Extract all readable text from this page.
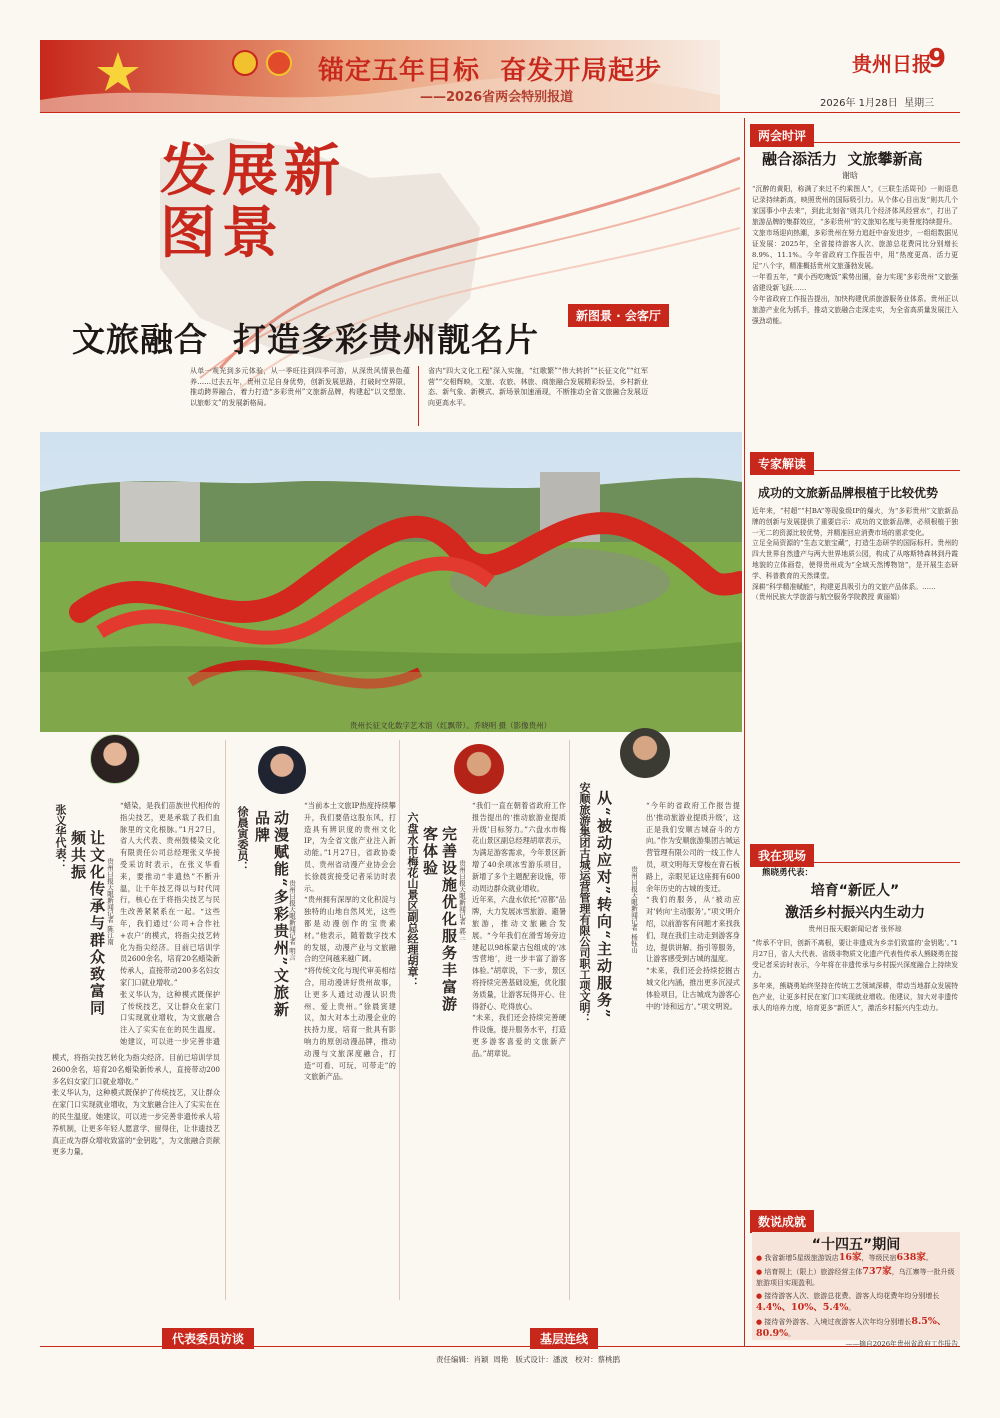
锚定五年目标  奋发开局起步
——2026省两会特别报道
贵州日报
9
2026年 1月28日  星期三
发展新图景
新图景 · 会客厅
文旅融合  打造多彩贵州靓名片
从单一观光到多元体验，从一季旺往到四季可游，从深贵风情景色蕴养……过去五年，贵州立足自身优势，创新发展思路，打破时空界限，推动跨界融合，着力打造“多彩贵州”文旅新品牌，构建起“以文塑旅、以旅彰文”的发展新格局。
省内“四大文化工程”深入实施，“红歌繁”“伟大转折”“长征文化”“红军营”“交相辉映，文旅、农旅、林旅、商旅融合发展精彩纷呈，乡村新业态、新气象、新模式、新场景加速涌现，不断推动全省文旅融合发展迈向更高水平。
贵州长征文化数字艺术馆（红飘带）。乔晓明 摄（影像贵州）
张义华代表：	让文化传承与群众致富同频共振
贵州日报天眼新闻记者 陈江南
“蜡染，是我们苗族世代相传的指尖技艺，更是承载了我们血脉里的文化根脉。”1月27日，省人大代表、贵州鼓楼染文化有限责任公司总经理张义华接受采访时表示，在张义华看来，要推动“非遗热”不断升温，让千年技艺得以与时代同行，核心在于将指尖技艺与民生改善紧紧系在一起。“这些年，我们通过‘公司+合作社+农户’的模式，将指尖技艺转化为指尖经济。目前已培训学员2600余名，培育20名蜡染新传承人，直接带动200多名妇女家门口就业增收。”
张义华认为，这种模式既保护了传统技艺，又让群众在家门口实现就业增收，为文旅融合注入了实实在在的民生温度。她建议，可以进一步完善非遗
模式，将指尖技艺转化为指尖经济。目前已培训学员2600余名，培育20名蜡染新传承人，直接带动200多名妇女家门口就业增收。”
张义华认为，这种模式既保护了传统技艺，又让群众在家门口实现就业增收，为文旅融合注入了实实在在的民生温度。她建议，可以进一步完善非遗传承人培养机制，让更多年轻人愿意学、留得住，让非遗技艺真正成为群众增收致富的“金钥匙”，为文旅融合贡献更多力量。
徐晨寅委员：	动漫赋能“多彩贵州”文旅新品牌
贵州日报天眼新闻记者 明言
“当前本土文旅IP热度持续攀升，我们要借这股东风，打造具有辨识度的贵州文化IP，为全省文旅产业注入新动能。”1月27日，省政协委员、贵州省动漫产业协会会长徐晨寅接受记者采访时表示。
“贵州拥有深厚的文化积淀与独特的山地自然风光，这些都是动漫创作的宝贵素材。”他表示，随着数字技术的发展，动漫产业与文旅融合的空间越来越广阔。
“将传统文化与现代审美相结合，用动漫讲好贵州故事，让更多人通过动漫认识贵州、爱上贵州。”徐晨寅建议，加大对本土动漫企业的扶持力度，培育一批具有影响力的原创动漫品牌，推动动漫与文旅深度融合，打造“可看、可玩、可带走”的文旅新产品。
六盘水市梅花山景区副总经理胡章：	完善设施优化服务丰富游客体验
贵州日报天眼新闻记者 郭三
“我们一直在朝着省政府工作报告提出的‘推动旅游业提质升级’目标努力。”六盘水市梅花山景区副总经理胡章表示，为满足游客需求，今年景区新增了40余项冰雪游乐项目，新增了多个主题配套设施，带动周边群众就业增收。
近年来，六盘水依托“凉都”品牌，大力发展冰雪旅游、避暑旅游，推动文旅融合发展。“今年我们在滑雪场旁边建起以98栋蒙古包组成的‘冰雪营地’，进一步丰富了游客体验。”胡章说，下一步，景区将持续完善基础设施，优化服务质量，让游客玩得开心、住得舒心、吃得放心。
“未来，我们还会持续完善硬件设施，提升服务水平，打造更多游客喜爱的文旅新产品。”胡章说。
安顺旅游集团古城运营管理有限公司职工项文明： 从“被动应对”转向“主动服务”	贵州日报天眼新闻记者 杨钰山
“今年的省政府工作报告提出‘推动旅游业提质升级’，这正是我们安顺古城奋斗的方向。”作为安顺旅游集团古城运营管理有限公司的一线工作人员，项文明每天穿梭在青石板路上，亲眼见证这座拥有600余年历史的古城的变迁。
“我们的服务，从‘被动应对’转向‘主动服务’。”项文明介绍，以前游客有问题才来找我们，现在我们主动走到游客身边，提供讲解、指引等服务，让游客感受到古城的温度。
“未来，我们还会持续挖掘古城文化内涵，推出更多沉浸式体验项目，让古城成为游客心中的‘诗和远方’。”项文明说。
代表委员访谈	基层连线
责任编辑：肖颖  周艳   版式设计：潘波   校对：蔡桃鹃
两会时评
融合添活力  文旅攀新高
谢晗
“沉醉的黄阳，称满了来过不约乘图人”，《三联生活周刊》一则语息记录持续新高，映照贵州的国际吸引力。从个体心目出发“则共几个家国事小中去来”，到此北刻省“则共几个经济体风经营水”，打出了旅游品牌的集群效应，“多彩贵州”的文旅知名度与美誉度持续提升。
文旅市场迎向热潮，多彩贵州在努力追赶中奋发进步，一组组数据见证发展：2025年，全省接待游客人次、旅游总花费同比分别增长8.9%、11.1%。今年省政府工作报告中，用“热度更高、活力更足”八个字，精准概括贵州文旅蓬勃发展。
一年看五年，“黄小西吃晚饭”乘势出圈，奋力实现“多彩贵州”文旅强省建设新飞跃……
今年省政府工作报告提出，加快构建优质旅游服务业体系。贵州正以旅游产业化为抓手，推动文旅融合走深走实，为全省高质量发展注入强劲动能。
专家解读
成功的文旅新品牌根植于比较优势
近年来，“村超”“村BA”等现象级IP的爆火，为“多彩贵州”文旅新品牌的创新与发展提供了重要启示：成功的文旅新品牌，必须根植于独一无二的资源比较优势，并精准回应消费市场的需求变化。
立足全局资源的“生态文旅宝藏”，打造生态研学的国际标杆。贵州的四大世界自然遗产与两大世界地质公园，构成了从喀斯特森林到丹霞地貌的立体画卷，使得贵州成为“全域天然博物馆”，是开展生态研学、科普教育的天然课堂。
深耕“科学精准赋能”，构建更具吸引力的文旅产品体系。……
（贵州民族大学旅游与航空服务学院教授 黄丽娟）
我在现场
熊晓勇代表：
培育“新匠人”
激活乡村振兴内生动力
贵州日报天眼新闻记者 张怀琼
“传承不守旧，创新不离根，要让非遗成为乡亲们致富的‘金钥匙’。”1月27日，省人大代表、省级非物质文化遗产代表性传承人熊晓勇在接受记者采访时表示，今年将在非遗传承与乡村振兴深度融合上持续发力。
多年来，熊晓勇始终坚持在传统工艺领域深耕，带动当地群众发展特色产业，让更多村民在家门口实现就业增收。他建议，加大对非遗传承人的培养力度，培育更多“新匠人”，激活乡村振兴内生动力。
数说成就
“十四五”期间
● 我省新增5星级旅游饭店16家，等级民宿638家。
● 培育规上（限上）旅游经营主体737家，乌江寨等一批升级旅游项目实现盈利。
● 接待游客人次、旅游总花费、游客人均花费年均分别增长4.4%、10%、5.4%。
● 接待省外游客、入境过夜游客人次年均分别增长8.5%、80.9%。
——摘自2026年贵州省政府工作报告
